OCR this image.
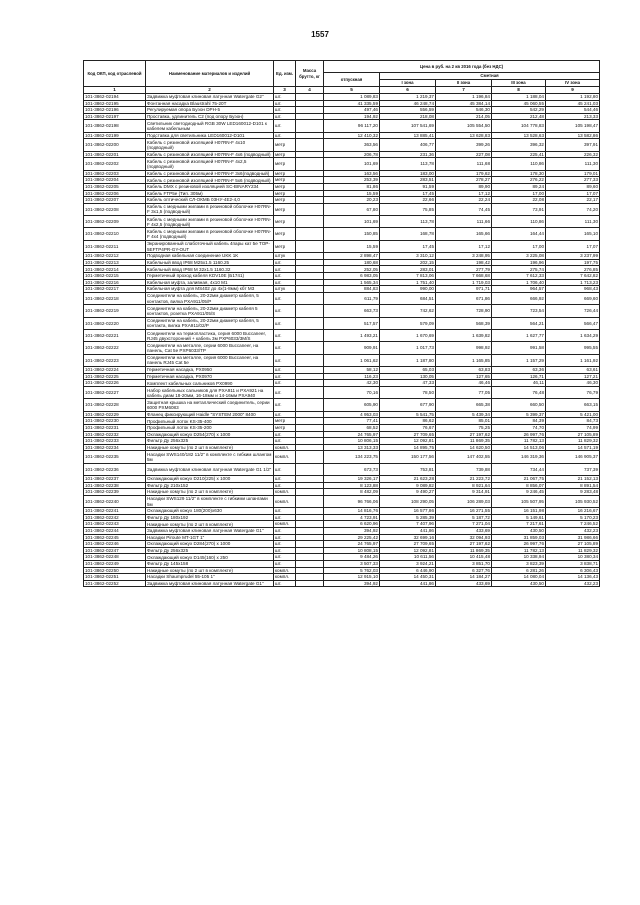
1557
Код ОКП, код отраслевой	Наименование материалов и изделий	Ед. изм.	Масса брутто, кг	Цена в руб. на 2 кв 2016 года (без НДС)				
				отпускная	Сметная			
					I зона	II зона	III зона	IV зона
1	2	3	4	5	6	7	8	9
101-3862-02194	Задвижка муфтовая клиновая латунная Watergate G2"	шт.		1 089,83	1 219,37	1 196,84	1 188,04	1 192,80
101-3862-02195	Фонтанная насадка Blaustrahl 75-20T	шт.		41 335,59	46 248,74	45 384,14	45 060,55	45 241,03
101-3862-02196	Регулируемая опора Буэон DPH-5	шт.		497,46	556,59	546,30	542,29	544,46
101-3862-02197	Проставка, удлинитель C2 (под опору Буэон)	шт.		194,92	218,08	214,05	212,48	213,33
101-3862-02198	Светильник светодиодный RGB 30W LED160012-D101 к кабелем кабельным	шт.		96 117,20	107 541,69	105 554,50	104 778,83	105 198,47
101-3862-02199	Подставка для светильника LED160012-D101	шт.		12 410,32	13 885,41	13 628,83	13 528,63	13 582,86
101-3862-02200	Кабель с резиновой изоляцией H07RN-F 4х10 (подводный)	метр		363,56	406,77	399,26	396,32	397,91
101-3862-02201	Кабель с резиновой изоляцией H07RN-F 4х6 (подводный)	метр		206,78	231,36	227,08	225,41	226,32
101-3862-02202	Кабель с резиновой изоляцией H07RN-F 4х2,5 (подводный)	метр		101,69	113,78	111,68	110,86	111,30
101-3862-02203	Кабель с резиновой изоляцией H07RN-F 3х6(подводный)	метр		163,56	183,00	179,62	178,30	179,01
101-3862-02204	Кабель с резиновой изоляцией H07RN-F 5х6 (подводный)	метр		253,39	283,51	278,27	276,22	277,33
101-3862-02205	Кабель DMX с резиновой изоляцией SC-BINARY234	метр		81,86	91,59	89,90	89,24	89,60
101-3862-02206	Кабель FTP5e (Тип. 305м)	метр		15,59	17,45	17,12	17,00	17,07
101-3862-02207	Кабель оптический СЛ-ОКМБ 03НУ-4Е2-4,0	метр		20,23	22,66	22,24	22,08	22,17
101-3862-02208	Кабель с медными жилами в резиновой оболочке H07RN-F 3х1,5 (подводный)	метр		67,80	75,85	74,45	73,91	74,20
101-3862-02209	Кабель с медными жилами в резиновой оболочке H07RN-F 4х2,5 (подводный)	метр		101,69	113,78	111,66	110,86	111,30
101-3862-02210	Кабель с медными жилами в резиновой оболочке H07RN-F 4х4 (подводный)	метр		150,85	168,78	165,66	164,44	165,10
101-3862-02211	Экранированный слаботочный кабель 4пары кат 5e TOP-5EFTP4PR-GY-OUT	метр		15,59	17,45	17,12	17,00	17,07
101-3862-02212	Подводная кабельная соединение UKK 1K	штук		2 898,47	3 310,12	3 248,95	3 225,08	3 237,99
101-3862-02213	Кабельный ввод IP68 M25х1.5 1160.25	шт.		180,68	202,15	198,42	196,96	197,75
101-3862-02214	Кабельный ввод IP68 M 32х1.5 1160.32	шт.		252,05	283,01	277,79	275,74	276,85
101-3862-02215	Герметичный проход кабеля KDV10E (Б1741)	шт.		6 983,05	7 813,06	7 668,68	7 612,33	7 642,82
101-3862-02216	Кабельная муфта, заливная, 4х10 M1	шт.		1 565,34	1 751,40	1 719,03	1 706,40	1 713,23
101-3862-02217	Кабельная муфта для MS402 до 4х(1-8мм) кбт M3	штук		884,83	990,00	971,71	964,57	968,43
101-3862-02218	Соединители на кабель, 20-22мм диаметр кабеля, 5 контактов, вилка PXA911/05/P	шт.		611,79	684,51	671,86	666,92	669,60
101-3862-02219	Соединители на кабель, 20-22мм диаметр кабеля 5 контактов, розетка PXA911/05/S	шт.		663,73	742,62	728,90	723,54	726,44
101-3862-02220	Соединители на кабель, 20-22мм диаметр кабеля, 5 контакта, вилка PXA911/02/P	шт.		517,57	579,09	568,39	564,21	566,47
101-3862-02221	Соединители на термопластика, серия 6000 Buccaneer, RJ45 двухсторонний + кабель 3м PXP6033/3M/S	шт.		1 493,21	1 670,69	1 639,82	1 627,77	1 634,29
101-3862-02222	Соединители на металле, серии 6000 Buccaneer, на панель, Cat 5e PXP6033/TP	шт.		909,91	1 017,73	998,92	991,58	995,55
101-3862-02223	Соединители на металле, серия 6000 Buccaneer, на панель RJ45 Cat 5e	шт.		1 061,62	1 187,80	1 165,85	1 157,29	1 161,92
101-3862-02224	Герметичная насадка, PX0950	шт.		58,12	65,03	63,83	63,36	63,61
101-3862-02225	Герметичная насадка, PX0970	шт.		116,23	130,05	127,65	126,71	127,21
101-3862-02226	Комплект кабельных сальников PX0990	шт.		42,30	47,33	46,46	46,11	46,30
101-3862-02227	Набор кабельных сальников для PXA911 и PXA921 на кабель диам 18-20мм, 16-18мм и 14-16мм PXA940	шт.		70,16	78,50	77,05	76,48	76,79
101-3862-02228	Защитная крышка на металлический соединитель, серии 6000 PXM6083	шт.		605,90	677,90	665,38	660,50	663,15
101-3862-02229	Фланец фиксирующий Haidle "SYSTEM 2000" 8400	шт.		4 953,03	5 541,75	5 439,34	5 399,37	5 421,00
101-3862-02230	Профильный лоток KS-35-400	метр		77,41	86,62	85,01	84,39	84,73
101-3862-02231	Профильный лоток KS-35-200	метр		68,52	76,67	75,25	74,70	74,99
101-3862-02232	Охлаждающий кожух D254(270) x 1000	шт.		24 765,97	27 709,65	27 197,62	26 997,76	27 105,89
101-3862-02233	Фильтр Ду 256х325	шт.		10 806,15	12 092,81	11 869,35	11 782,13	11 829,32
101-3862-02234	Накидные хомуты (по 2 шт в комплекте)	компл.		13 313,33	14 895,75	14 620,50	14 513,06	14 571,19
101-3862-02235	Насадки SWS140/182 11/2" в комплекте с гибким шлангом 5м	компл.		134 223,75	150 177,56	147 402,55	146 319,36	146 905,37
101-3862-02236	Задвижка муфтовая клиновая латунная Watergate G1 1/2"	шт.		673,73	753,81	739,88	734,44	737,39
101-3862-02237	Охлаждающий кожух D210(225) x 1000	шт.		19 326,17	21 623,28	21 223,72	21 067,75	21 152,13
101-3862-02238	Фильтр Ду 210х152	шт.		8 123,88	9 089,82	8 921,64	8 856,07	8 891,54
101-3862-02239	Накидные хомуты (по 2 шт в комплекте)	компл.		8 482,09	9 490,27	9 314,91	9 246,45	9 283,48
101-3862-02240	Насадки SWS129 11/2" в комплекте с гибкими шлангами 5м	компл.		96 766,06	108 290,05	106 289,03	105 507,95	105 930,52
101-3862-02241	Охлаждающий кожух 180(200)х630	шт.		14 816,76	16 577,86	16 271,55	16 151,98	16 216,67
101-3862-02242	Фильтр Ду 180х192	шт.		4 723,91	5 285,39	5 187,72	5 149,61	5 170,23
101-3862-02243	Накидные хомуты (по 2 шт в комплекте)	компл.		6 620,96	7 407,96	7 271,04	7 217,61	7 246,52
101-3862-02244	Задвижка муфтовая клиновая латунная Watergate G1"	шт.		394,92	441,86	433,69	430,50	432,23
101-3862-02245	Насадки Piroute MT-1GT 1"	шт.		29 225,42	32 699,16	32 094,93	31 859,03	31 986,66
101-3862-02246	Охлаждающий кожух D284(270) x 1000	шт.		24 765,97	27 709,65	27 197,62	26 997,76	27 105,89
101-3862-02247	Фильтр Ду 256х325	шт.		10 808,15	12 092,81	11 869,35	11 782,13	11 829,32
101-3862-02248	Охлаждающий кожух D145(160) x 250	шт.		9 484,26	10 611,56	10 415,48	10 338,94	10 380,34
101-3862-02249	Фильтр Ду 145х158	шт.		3 507,33	3 924,21	3 851,70	3 823,39	3 838,71
101-3862-02250	Накидные хомуты (по 2 шт в комплекте)	компл.		5 762,03	6 446,90	6 327,76	6 281,26	6 306,43
101-3862-02251	Насадки Shaumprudel 55-105 1"	компл.		12 915,10	14 450,31	14 184,27	14 080,04	14 136,43
101-3862-02252	Задвижка муфтовая клиновая латунная Watergate G1"	шт.		394,92	441,86	433,69	430,50	432,23
